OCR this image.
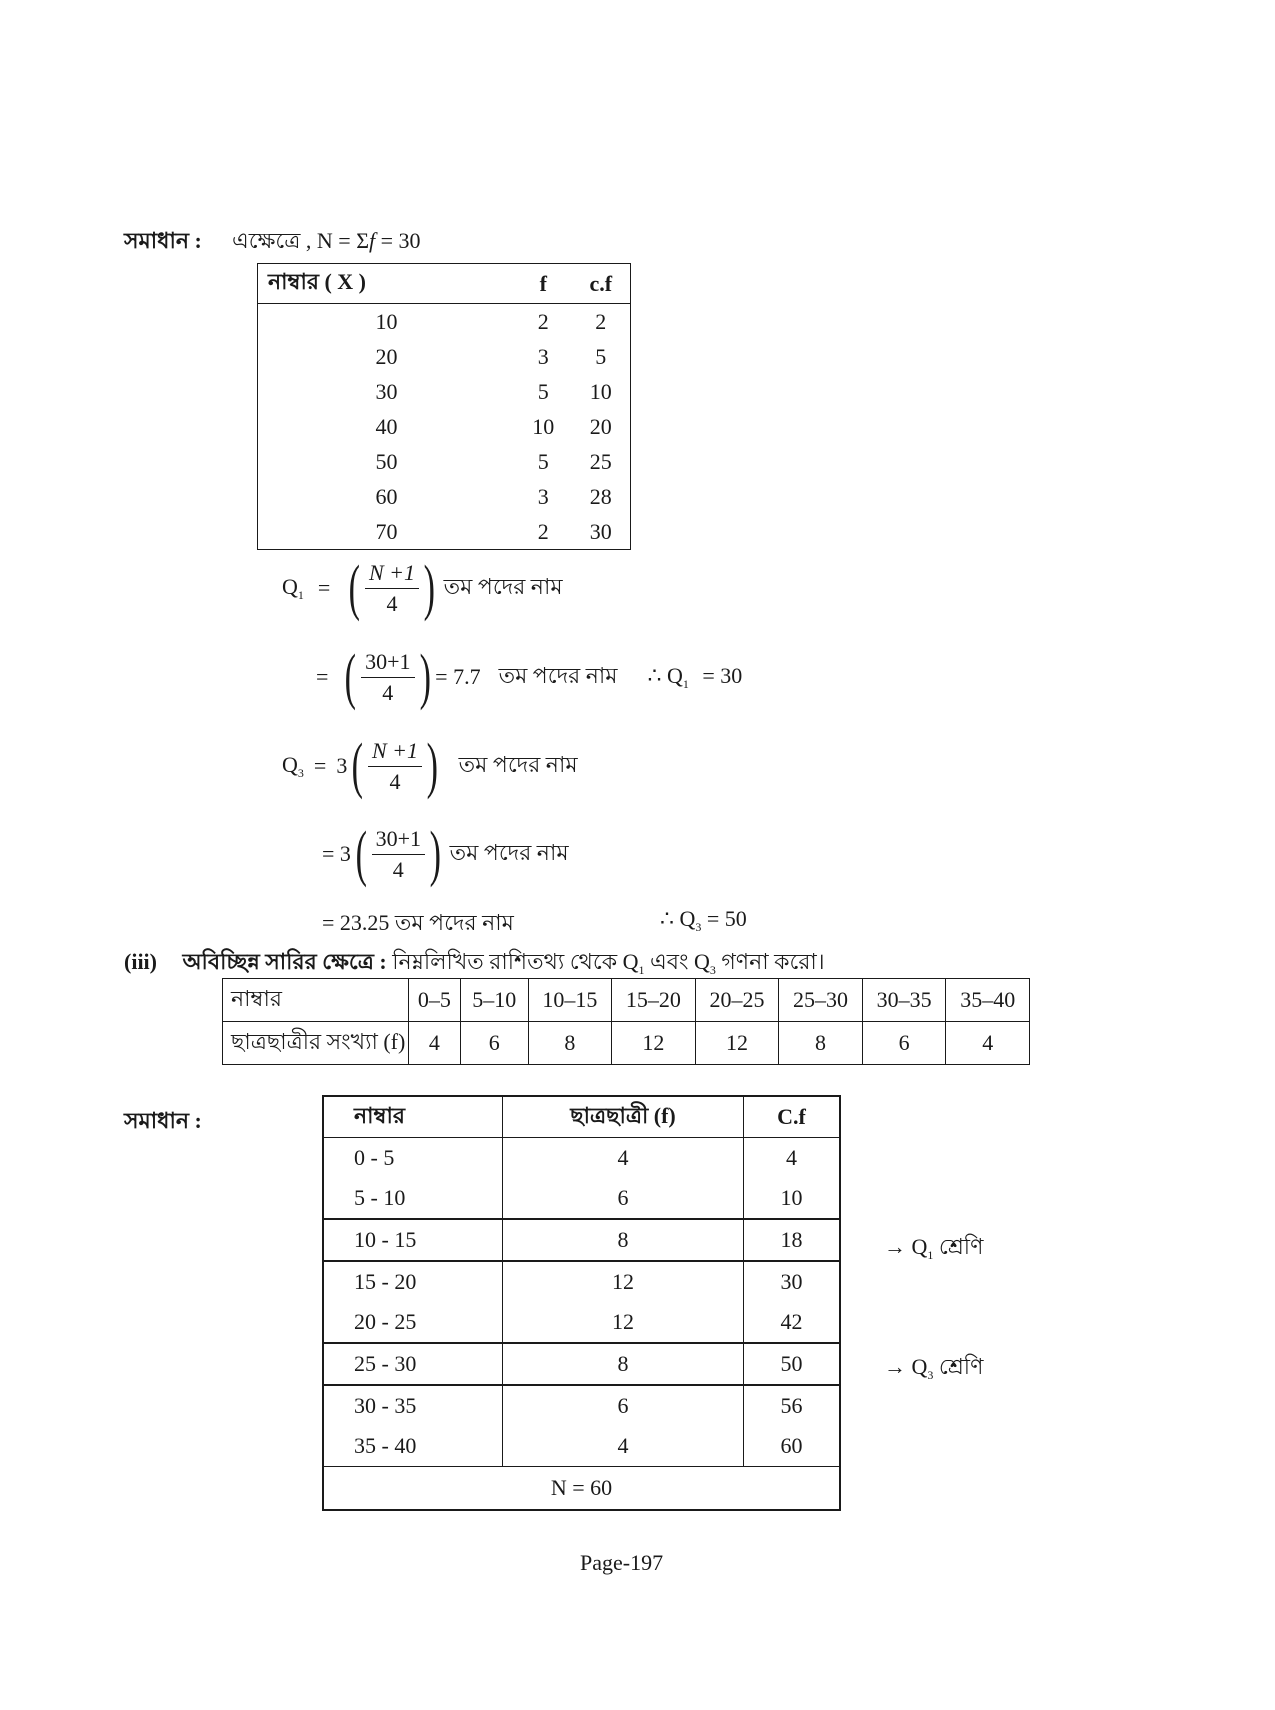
সমাধান : এক্ষেত্রে , N = Σf = 30
নাম্বার ( X )	f	c.f
10	2	2
20	3	5
30	5	10
40	10	20
50	5	25
60	3	28
70	2	30
$Q_1$ = ( $\frac{N +1}{4}$ ) তম পদের নাম
= ( $\frac{30+1}{4}$ ) = 7.7 তম পদের নাম ∴ $Q_1 = 30$
$Q_3 = 3$ ( $\frac{N +1}{4}$ ) তম পদের নাম
= 3 ( $\frac{30+1}{4}$ ) তম পদের নাম
= 23.25 তম পদের নাম	∴ $Q_3 = 50$
(iii) অবিচ্ছিন্ন সারির ক্ষেত্রে : নিম্নলিখিত রাশিতথ্য থেকে $Q_1$ এবং $Q_3$ গণনা করো।
নাম্বার	0–5	5–10	10–15	15–20	20–25	25–30	30–35	35–40
ছাত্রছাত্রীর সংখ্যা (f)	4	6	8	12	12	8	6	4
সমাধান :	নাম্বার	ছাত্রছাত্রী (f)	C.f
0 - 5	4	4
5 - 10	6	10
10 - 15	8	18
15 - 20	12	30
20 - 25	12	42
25 - 30	8	50
30 - 35	6	56
35 - 40	4	60
N = 60		
→ $Q_1$ শ্রেণি
→ $Q_3$ শ্রেণি
Page-197
